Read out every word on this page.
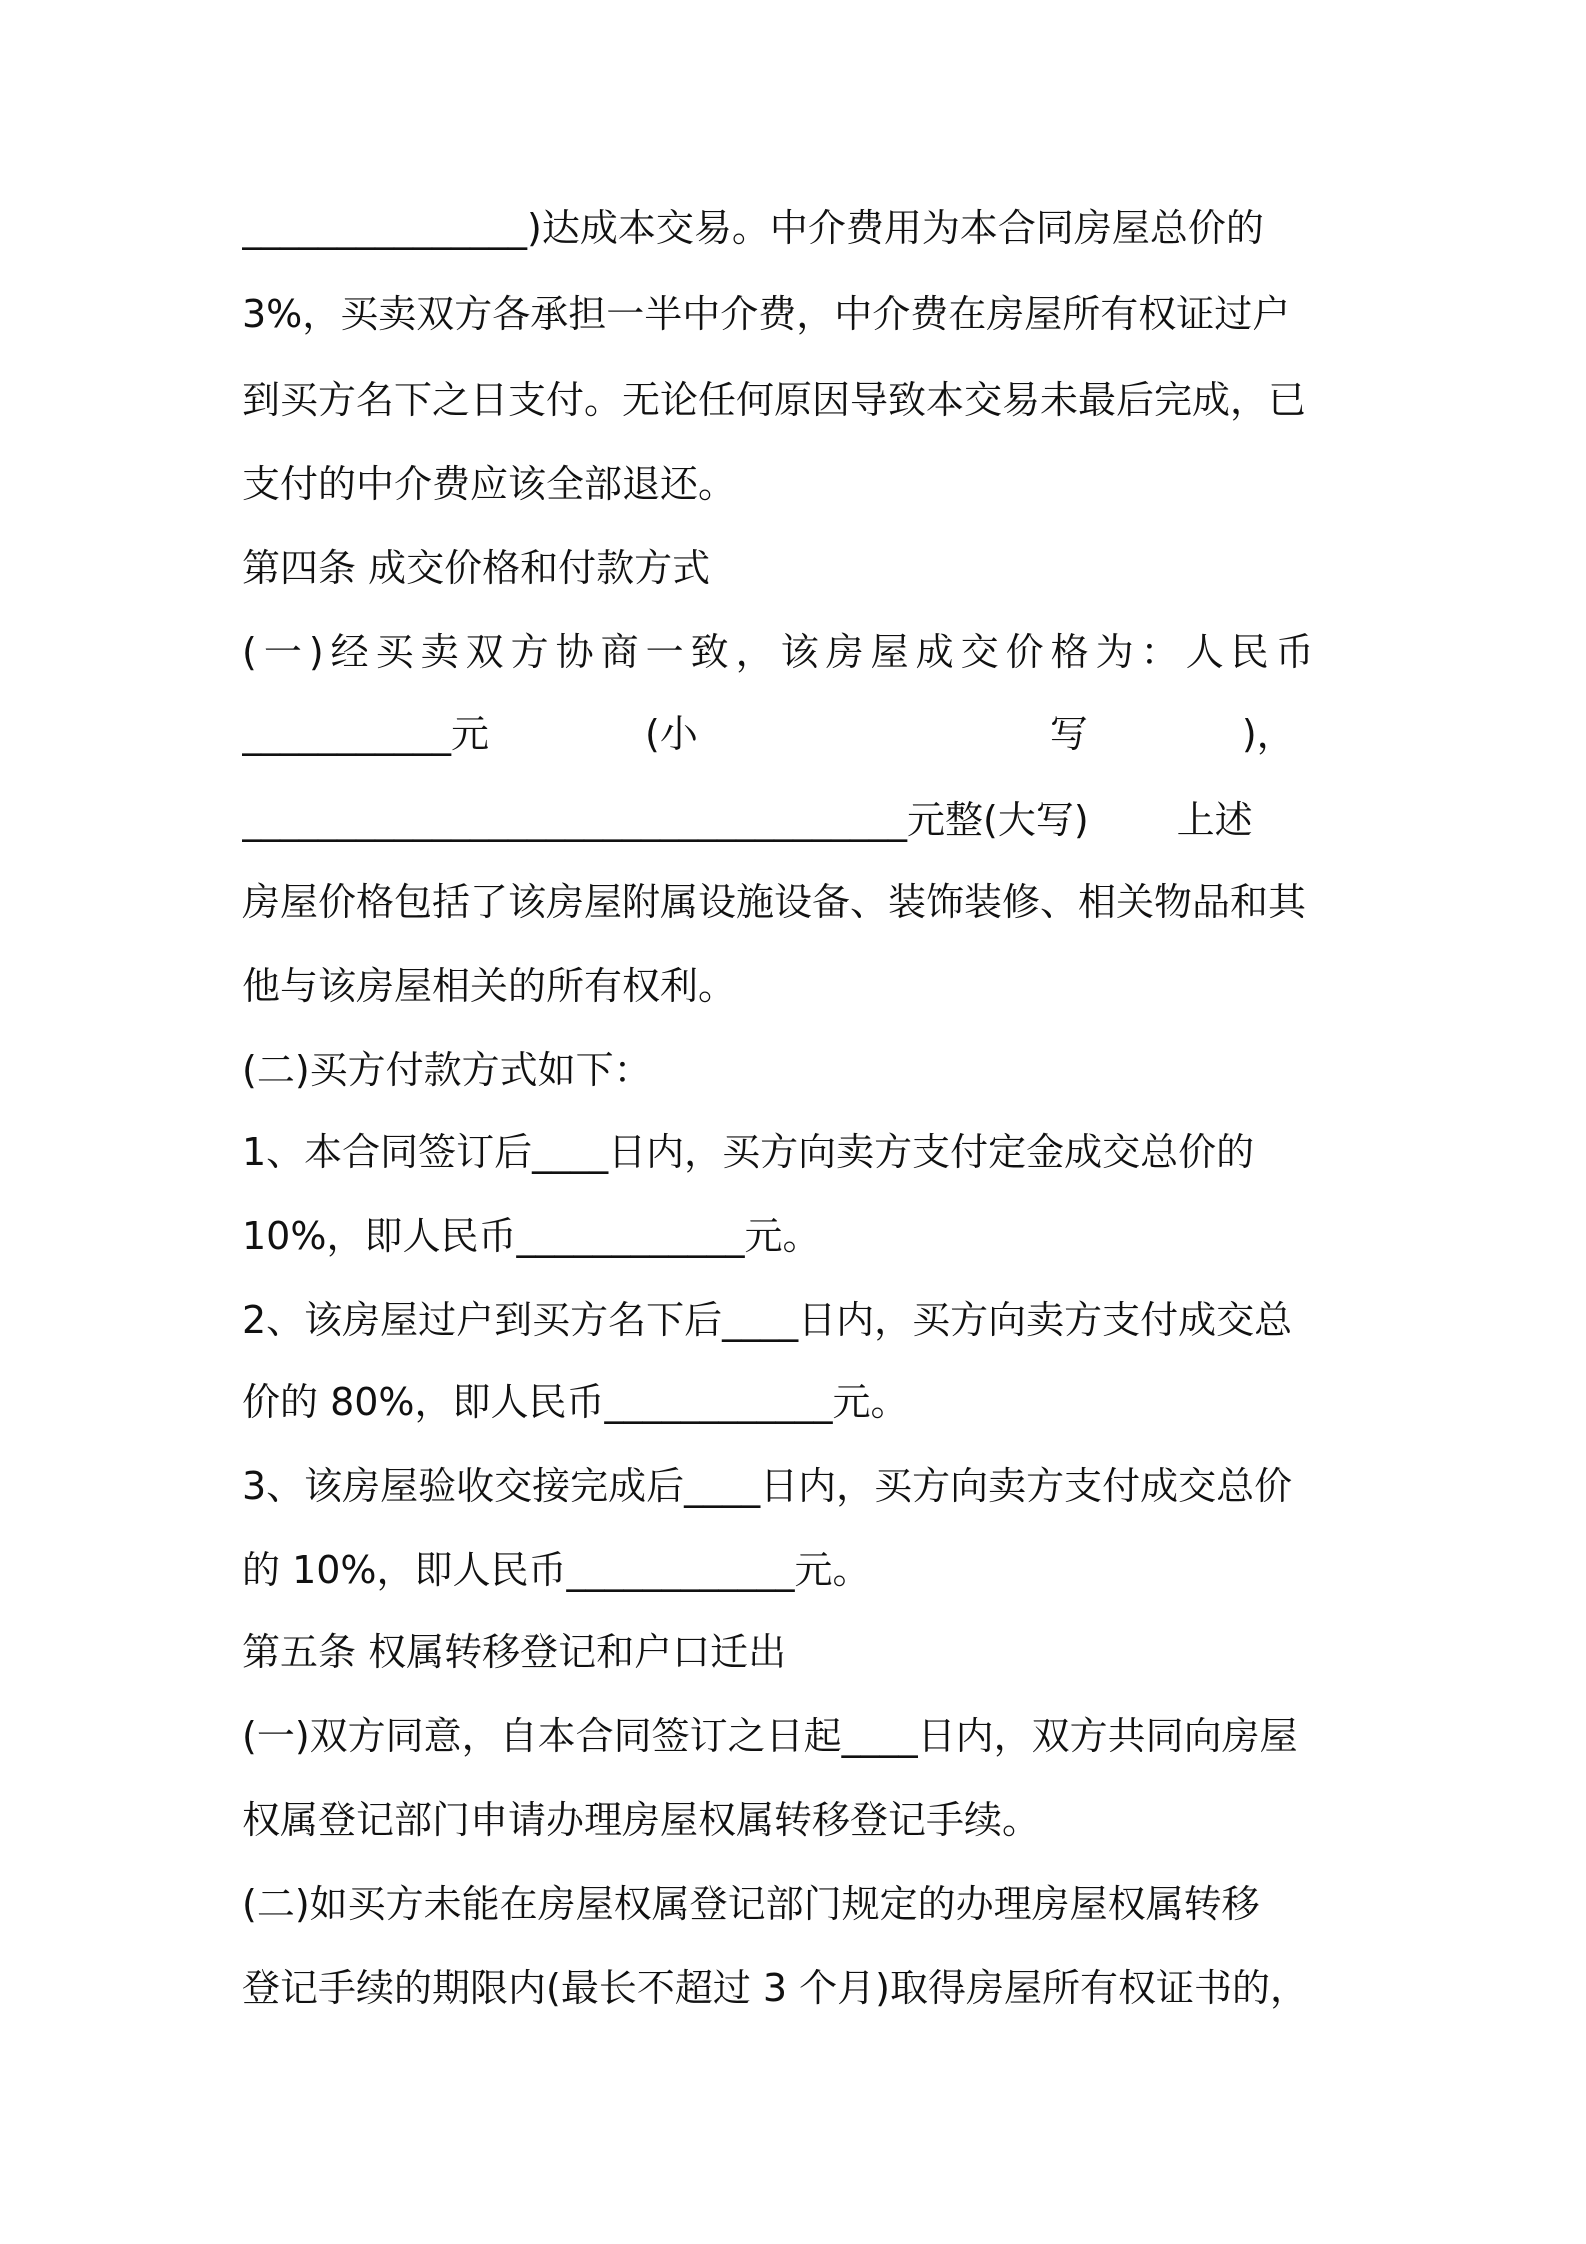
_______________)达成本交易。中介费用为本合同房屋总价的
3%，买卖双方各承担一半中介费，中介费在房屋所有权证过户
到买方名下之日支付。无论任何原因导致本交易未最后完成，已
支付的中介费应该全部退还。
第四条 成交价格和付款方式
(一)经买卖双方协商一致，该房屋成交价格为：人民币
___________元	(小	写	)，
___________________________________元整(大写) 上述
房屋价格包括了该房屋附属设施设备、装饰装修、相关物品和其
他与该房屋相关的所有权利。
(二)买方付款方式如下：
1、本合同签订后____日内，买方向卖方支付定金成交总价的
10%，即人民币____________元。
2、该房屋过户到买方名下后____日内，买方向卖方支付成交总
价的 80%，即人民币____________元。
3、该房屋验收交接完成后____日内，买方向卖方支付成交总价
的 10%，即人民币____________元。
第五条 权属转移登记和户口迁出
(一)双方同意，自本合同签订之日起____日内，双方共同向房屋
权属登记部门申请办理房屋权属转移登记手续。
(二)如买方未能在房屋权属登记部门规定的办理房屋权属转移
登记手续的期限内(最长不超过 3 个月)取得房屋所有权证书的，
